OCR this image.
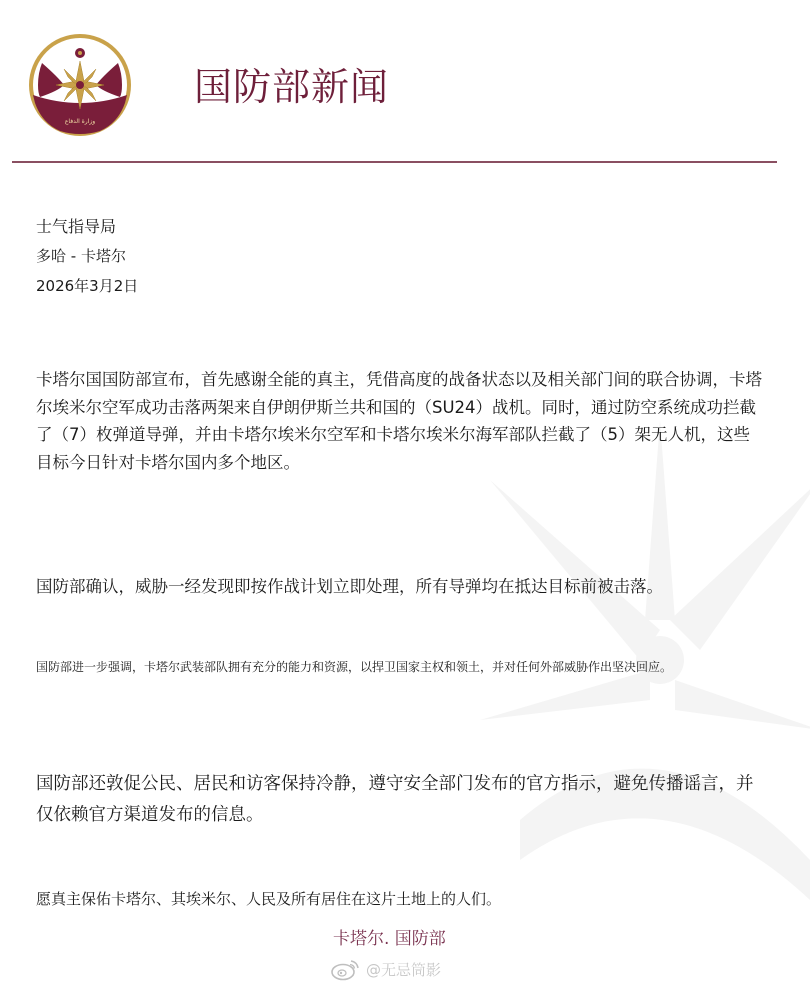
وزارة الدفاع
国防部新闻
士气指导局
多哈 - 卡塔尔
2026年3月2日
卡塔尔国国防部宣布，首先感谢全能的真主，凭借高度的战备状态以及相关部门间的联合协调，卡塔尔埃米尔空军成功击落两架来自伊朗伊斯兰共和国的（SU24）战机。同时，通过防空系统成功拦截了（7）枚弹道导弹，并由卡塔尔埃米尔空军和卡塔尔埃米尔海军部队拦截了（5）架无人机，这些目标今日针对卡塔尔国内多个地区。
国防部确认，威胁一经发现即按作战计划立即处理，所有导弹均在抵达目标前被击落。
国防部进一步强调，卡塔尔武装部队拥有充分的能力和资源，以捍卫国家主权和领土，并对任何外部威胁作出坚决回应。
国防部还敦促公民、居民和访客保持冷静，遵守安全部门发布的官方指示，避免传播谣言，并仅依赖官方渠道发布的信息。
愿真主保佑卡塔尔、其埃米尔、人民及所有居住在这片土地上的人们。
卡塔尔. 国防部
@无忌筒影
